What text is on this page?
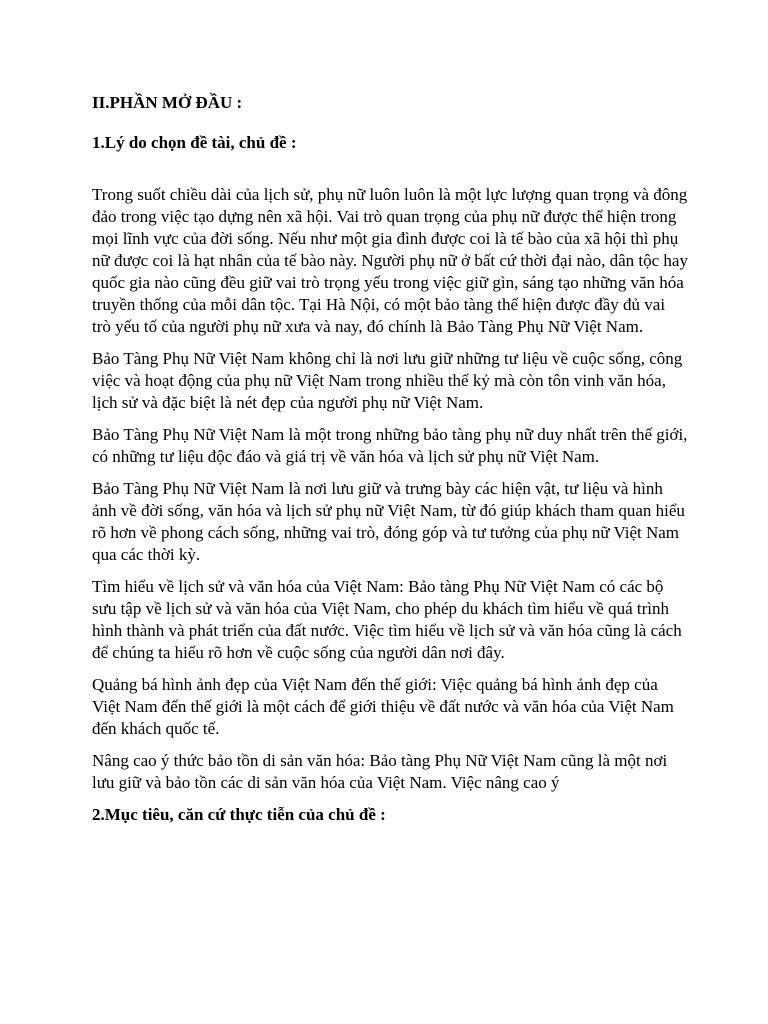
II.PHẦN MỞ ĐẦU :

1.Lý do chọn đề tài, chủ đề :

Trong suốt chiều dài của lịch sử, phụ nữ luôn luôn là một lực lượng quan trọng và đông đảo trong việc tạo dựng nên xã hội. Vai trò quan trọng của phụ nữ được thể hiện trong mọi lĩnh vực của đời sống. Nếu như một gia đình được coi là tế bào của xã hội thì phụ nữ được coi là hạt nhân của tế bào này. Người phụ nữ ở bất cứ thời đại nào, dân tộc hay quốc gia nào cũng đều giữ vai trò trọng yếu trong việc giữ gìn, sáng tạo những văn hóa truyền thống của mỗi dân tộc. Tại Hà Nội, có một bảo tàng thể hiện được đầy đủ vai trò yếu tố của người phụ nữ xưa và nay, đó chính là Bảo Tàng Phụ Nữ Việt Nam.

Bảo Tàng Phụ Nữ Việt Nam không chỉ là nơi lưu giữ những tư liệu về cuộc sống, công việc và hoạt động của phụ nữ Việt Nam trong nhiều thế kỷ mà còn tôn vinh văn hóa, lịch sử và đặc biệt là nét đẹp của người phụ nữ Việt Nam.

Bảo Tàng Phụ Nữ Việt Nam là một trong những bảo tàng phụ nữ duy nhất trên thế giới, có những tư liệu độc đáo và giá trị về văn hóa và lịch sử phụ nữ Việt Nam.

Bảo Tàng Phụ Nữ Việt Nam là nơi lưu giữ và trưng bày các hiện vật, tư liệu và hình ảnh về đời sống, văn hóa và lịch sử phụ nữ Việt Nam, từ đó giúp khách tham quan hiểu rõ hơn về phong cách sống, những vai trò, đóng góp và tư tưởng của phụ nữ Việt Nam qua các thời kỳ.

Tìm hiểu về lịch sử và văn hóa của Việt Nam: Bảo tàng Phụ Nữ Việt Nam có các bộ sưu tập về lịch sử và văn hóa của Việt Nam, cho phép du khách tìm hiểu về quá trình hình thành và phát triển của đất nước. Việc tìm hiểu về lịch sử và văn hóa cũng là cách để chúng ta hiểu rõ hơn về cuộc sống của người dân nơi đây.

Quảng bá hình ảnh đẹp của Việt Nam đến thế giới: Việc quảng bá hình ảnh đẹp của Việt Nam đến thế giới là một cách để giới thiệu về đất nước và văn hóa của Việt Nam đến khách quốc tế.

Nâng cao ý thức bảo tồn di sản văn hóa: Bảo tàng Phụ Nữ Việt Nam cũng là một nơi lưu giữ và bảo tồn các di sản văn hóa của Việt Nam. Việc nâng cao ý

2.Mục tiêu, căn cứ thực tiễn của chủ đề :
